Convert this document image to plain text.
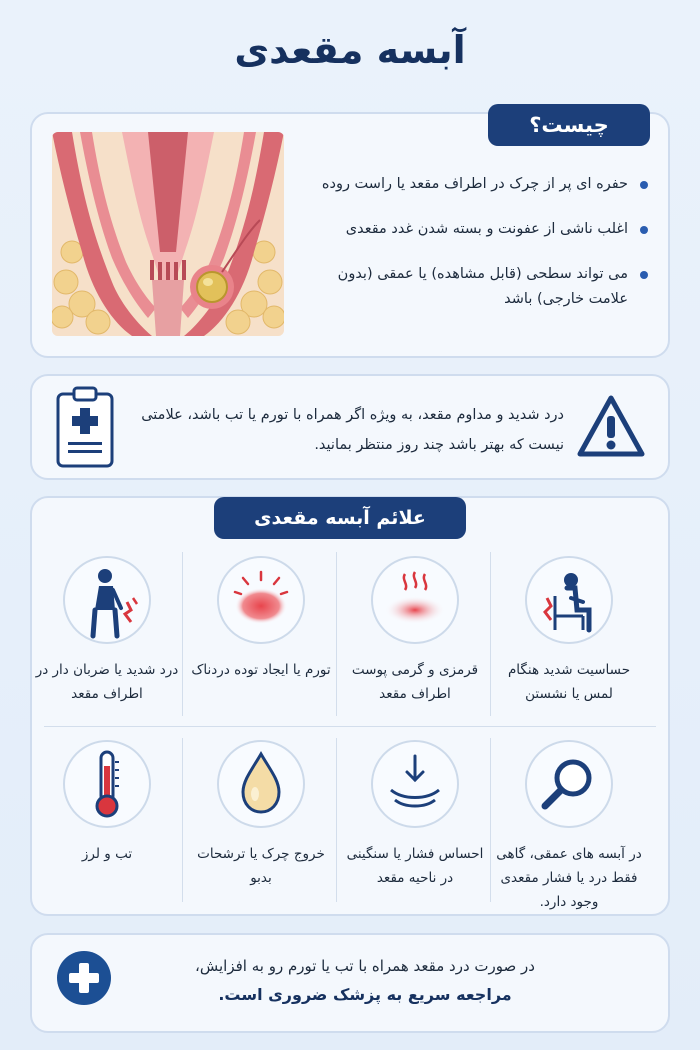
آبسه مقعدی
چیست؟
حفره ای پر از چرک در اطراف مقعد یا راست روده
اغلب ناشی از عفونت و بسته شدن غدد مقعدی
می تواند سطحی (قابل مشاهده) یا عمقی (بدون علامت خارجی) باشد
درد شدید و مداوم مقعد، به ویژه اگر همراه با تورم یا تب باشد، علامتی نیست که بهتر باشد چند روز منتظر بمانید.
علائم آبسه مقعدی
حساسیت شدید هنگام لمس یا نشستن
قرمزی و گرمی پوست اطراف مقعد
تورم یا ایجاد توده دردناک
درد شدید یا ضربان دار در اطراف مقعد
در آبسه های عمقی، گاهی فقط درد یا فشار مقعدی وجود دارد.
احساس فشار یا سنگینی در ناحیه مقعد
خروج چرک یا ترشحات بدبو
تب و لرز
در صورت درد مقعد همراه با تب یا تورم رو به افزایش،
مراجعه سریع به پزشک ضروری است.
